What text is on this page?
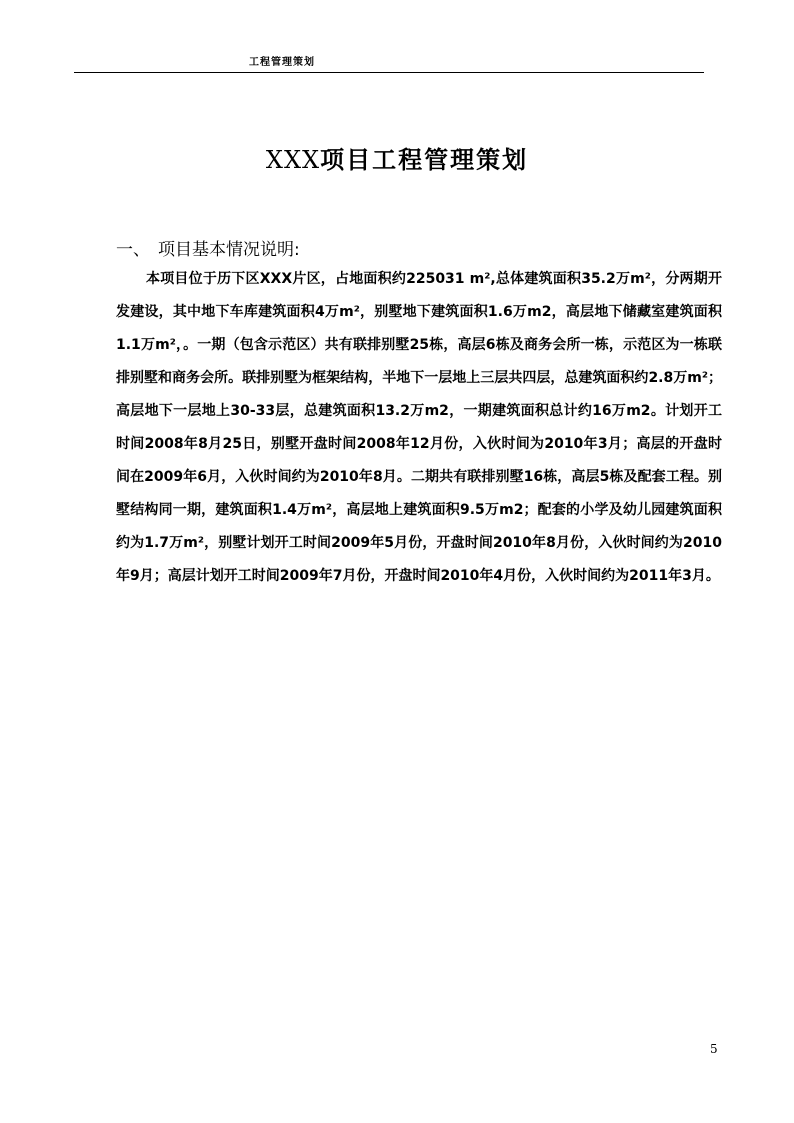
工程管理策划
XXX项目工程管理策划
一、 项目基本情况说明:

本项目位于历下区XXX片区，占地面积约225031 m²,总体建筑面积35.2万m²，分两期开发建设，其中地下车库建筑面积4万m²，别墅地下建筑面积1.6万m2，高层地下储藏室建筑面积1.1万m²，。一期（包含示范区）共有联排别墅25栋，高层6栋及商务会所一栋，示范区为一栋联排别墅和商务会所。联排别墅为框架结构，半地下一层地上三层共四层，总建筑面积约2.8万m²；高层地下一层地上30-33层，总建筑面积13.2万m2，一期建筑面积总计约16万m2。计划开工时间2008年8月25日，别墅开盘时间2008年12月份，入伙时间为2010年3月；高层的开盘时间在2009年6月，入伙时间约为2010年8月。二期共有联排别墅16栋，高层5栋及配套工程。别墅结构同一期，建筑面积1.4万m²，高层地上建筑面积9.5万m2；配套的小学及幼儿园建筑面积约为1.7万m²，别墅计划开工时间2009年5月份，开盘时间2010年8月份，入伙时间约为2010年9月；高层计划开工时间2009年7月份，开盘时间2010年4月份，入伙时间约为2011年3月。

5
